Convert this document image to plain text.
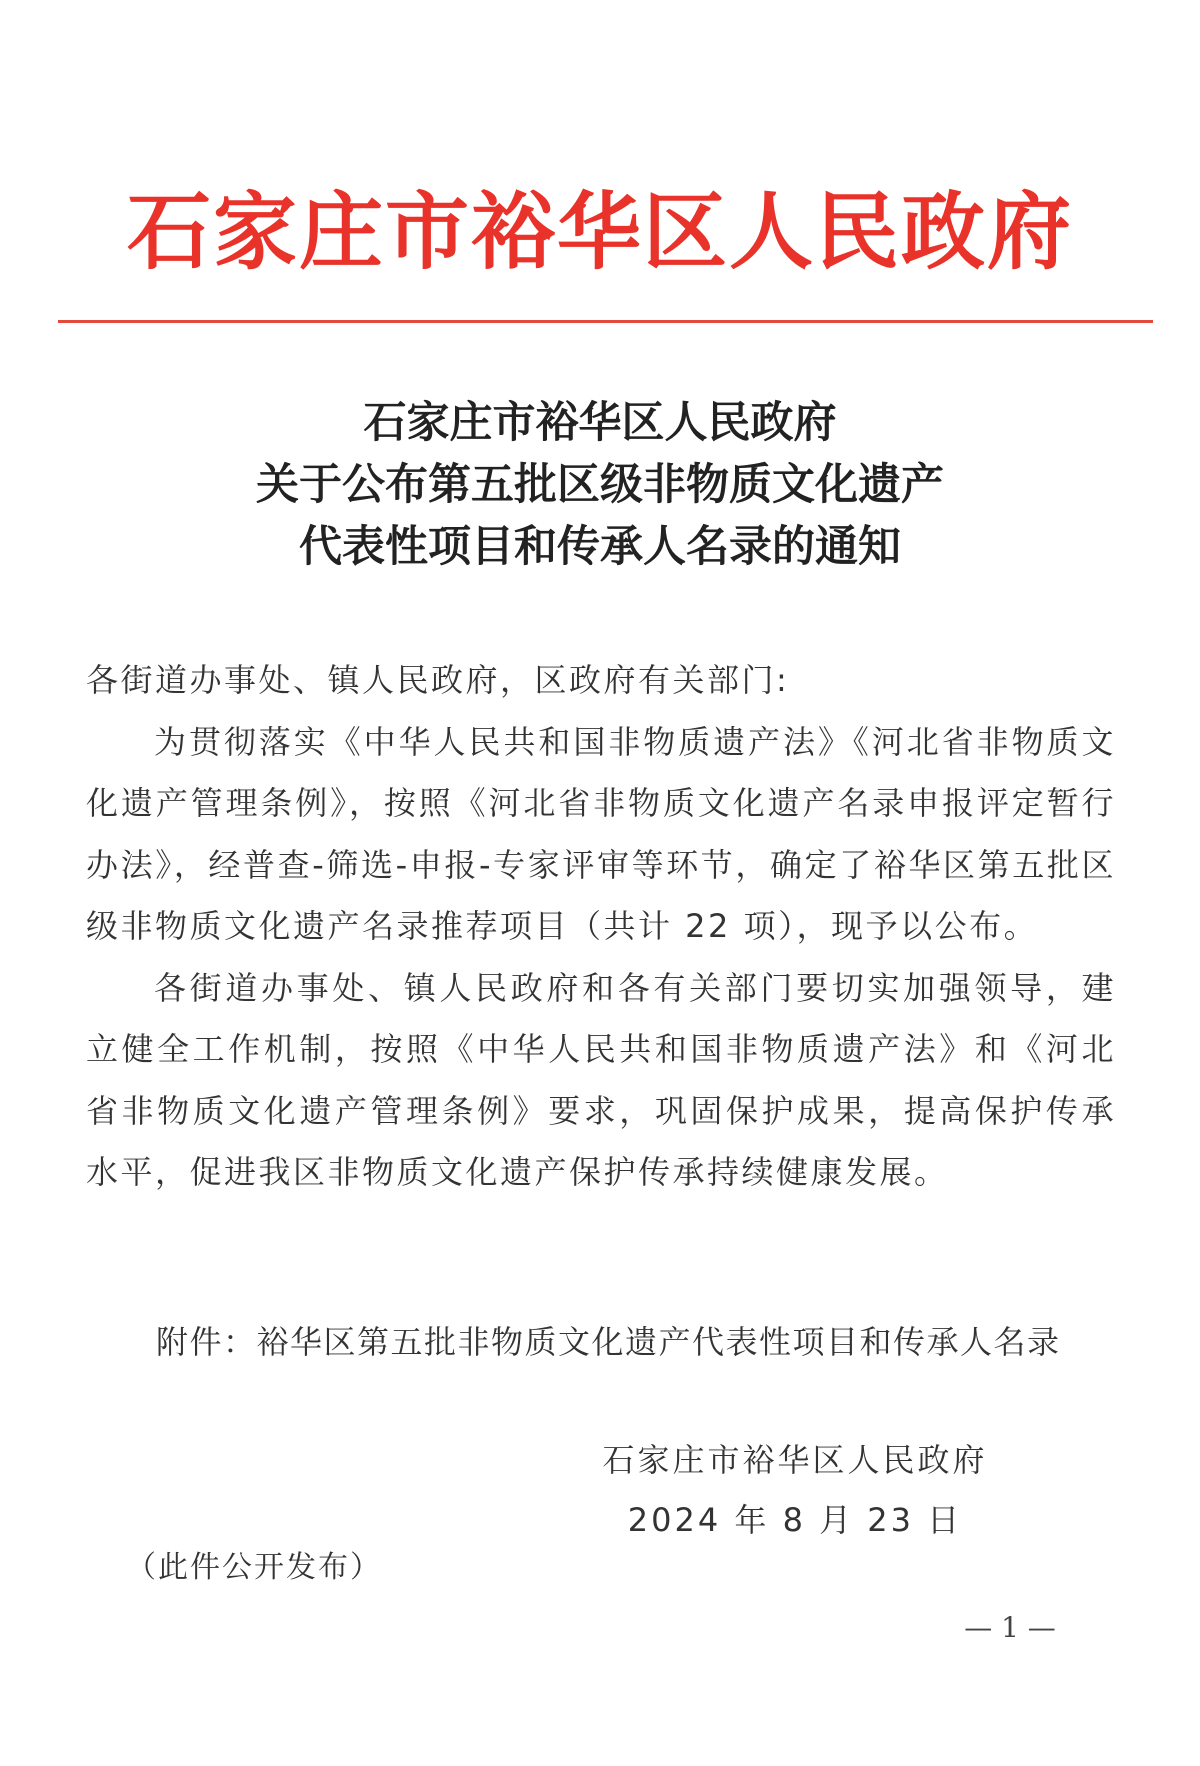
石家庄市裕华区人民政府
石家庄市裕华区人民政府
关于公布第五批区级非物质文化遗产
代表性项目和传承人名录的通知

各街道办事处、镇人民政府，区政府有关部门:

为贯彻落实《中华人民共和国非物质遗产法》《河北省非物质文化遗产管理条例》，按照《河北省非物质文化遗产名录申报评定暂行办法》，经普查-筛选-申报-专家评审等环节，确定了裕华区第五批区级非物质文化遗产名录推荐项目（共计 22 项），现予以公布。

各街道办事处、镇人民政府和各有关部门要切实加强领导，建立健全工作机制，按照《中华人民共和国非物质遗产法》和《河北省非物质文化遗产管理条例》要求，巩固保护成果，提高保护传承水平，促进我区非物质文化遗产保护传承持续健康发展。

附件：裕华区第五批非物质文化遗产代表性项目和传承人名录
石家庄市裕华区人民政府
2024 年 8 月 23 日
（此件公开发布）
— 1 —
